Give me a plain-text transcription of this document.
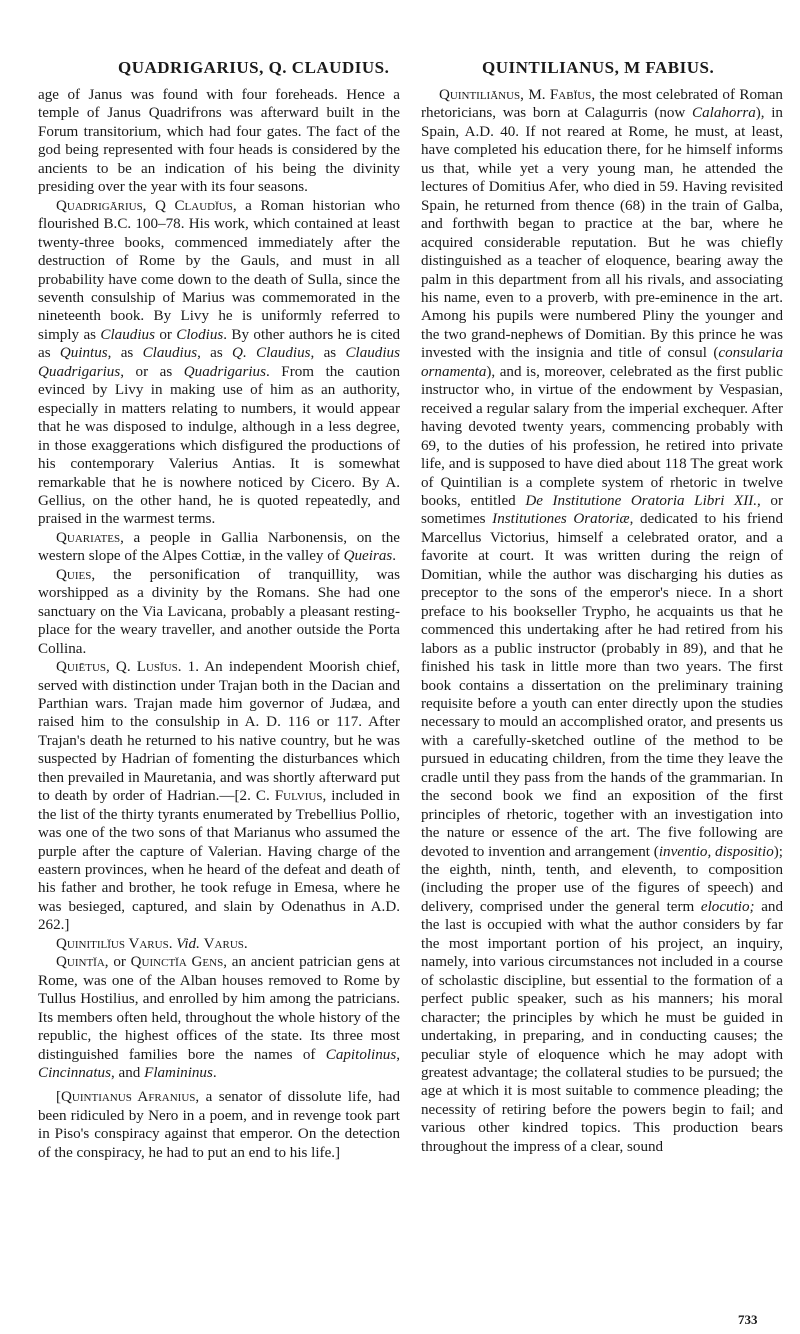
QUADRIGARIUS, Q. CLAUDIUS.	QUINTILIANUS, M FABIUS.

age of Janus was found with four foreheads. Hence a temple of Janus Quadrifrons was afterward built in the Forum transitorium, which had four gates. The fact of the god being represented with four heads is considered by the ancients to be an indication of his being the divinity presiding over the year with its four seasons.

Quadrigārius, Q Claudĭus, a Roman historian who flourished B.C. 100–78. His work, which contained at least twenty-three books, commenced immediately after the destruction of Rome by the Gauls, and must in all probability have come down to the death of Sulla, since the seventh consulship of Marius was commemorated in the nineteenth book. By Livy he is uniformly referred to simply as Claudius or Clodius. By other authors he is cited as Quintus, as Claudius, as Q. Claudius, as Claudius Quadrigarius, or as Quadrigarius. From the caution evinced by Livy in making use of him as an authority, especially in matters relating to numbers, it would appear that he was disposed to indulge, although in a less degree, in those exaggerations which disfigured the productions of his contemporary Valerius Antias. It is somewhat remarkable that he is nowhere noticed by Cicero. By A. Gellius, on the other hand, he is quoted repeatedly, and praised in the warmest terms.

Quariates, a people in Gallia Narbonensis, on the western slope of the Alpes Cottiæ, in the valley of Queiras.

Quies, the personification of tranquillity, was worshipped as a divinity by the Romans. She had one sanctuary on the Via Lavicana, probably a pleasant resting-place for the weary traveller, and another outside the Porta Collina.

Quiētus, Q. Lusĭus. 1. An independent Moorish chief, served with distinction under Trajan both in the Dacian and Parthian wars. Trajan made him governor of Judæa, and raised him to the consulship in A. D. 116 or 117. After Trajan's death he returned to his native country, but he was suspected by Hadrian of fomenting the disturbances which then prevailed in Mauretania, and was shortly afterward put to death by order of Hadrian.—[2. C. Fulvius, included in the list of the thirty tyrants enumerated by Trebellius Pollio, was one of the two sons of that Marianus who assumed the purple after the capture of Valerian. Having charge of the eastern provinces, when he heard of the defeat and death of his father and brother, he took refuge in Emesa, where he was besieged, captured, and slain by Odenathus in A.D. 262.]

Quinitilĭus Varus. Vid. Varus.

Quintĭa, or Quinctĭa Gens, an ancient patrician gens at Rome, was one of the Alban houses removed to Rome by Tullus Hostilius, and enrolled by him among the patricians. Its members often held, throughout the whole history of the republic, the highest offices of the state. Its three most distinguished families bore the names of Capitolinus, Cincinnatus, and Flamininus.

[Quintianus Afranius, a senator of dissolute life, had been ridiculed by Nero in a poem, and in revenge took part in Piso's conspiracy against that emperor. On the detection of the conspiracy, he had to put an end to his life.]

Quintiliānus, M. Fabĭus, the most celebrated of Roman rhetoricians, was born at Calagurris (now Calahorra), in Spain, A.D. 40. If not reared at Rome, he must, at least, have completed his education there, for he himself informs us that, while yet a very young man, he attended the lectures of Domitius Afer, who died in 59. Having revisited Spain, he returned from thence (68) in the train of Galba, and forthwith began to practice at the bar, where he acquired considerable reputation. But he was chiefly distinguished as a teacher of eloquence, bearing away the palm in this department from all his rivals, and associating his name, even to a proverb, with pre-eminence in the art. Among his pupils were numbered Pliny the younger and the two grand-nephews of Domitian. By this prince he was invested with the insignia and title of consul (consularia ornamenta), and is, moreover, celebrated as the first public instructor who, in virtue of the endowment by Vespasian, received a regular salary from the imperial exchequer. After having devoted twenty years, commencing probably with 69, to the duties of his profession, he retired into private life, and is supposed to have died about 118 The great work of Quintilian is a complete system of rhetoric in twelve books, entitled De Institutione Oratoria Libri XII., or sometimes Institutiones Oratoriæ, dedicated to his friend Marcellus Victorius, himself a celebrated orator, and a favorite at court. It was written during the reign of Domitian, while the author was discharging his duties as preceptor to the sons of the emperor's niece. In a short preface to his bookseller Trypho, he acquaints us that he commenced this undertaking after he had retired from his labors as a public instructor (probably in 89), and that he finished his task in little more than two years. The first book contains a dissertation on the preliminary training requisite before a youth can enter directly upon the studies necessary to mould an accomplished orator, and presents us with a carefully-sketched outline of the method to be pursued in educating children, from the time they leave the cradle until they pass from the hands of the grammarian. In the second book we find an exposition of the first principles of rhetoric, together with an investigation into the nature or essence of the art. The five following are devoted to invention and arrangement (inventio, dispositio); the eighth, ninth, tenth, and eleventh, to composition (including the proper use of the figures of speech) and delivery, comprised under the general term elocutio; and the last is occupied with what the author considers by far the most important portion of his project, an inquiry, namely, into various circumstances not included in a course of scholastic discipline, but essential to the formation of a perfect public speaker, such as his manners; his moral character; the principles by which he must be guided in undertaking, in preparing, and in conducting causes; the peculiar style of eloquence which he may adopt with greatest advantage; the collateral studies to be pursued; the age at which it is most suitable to commence pleading; the necessity of retiring before the powers begin to fail; and various other kindred topics. This production bears throughout the impress of a clear, sound

733
